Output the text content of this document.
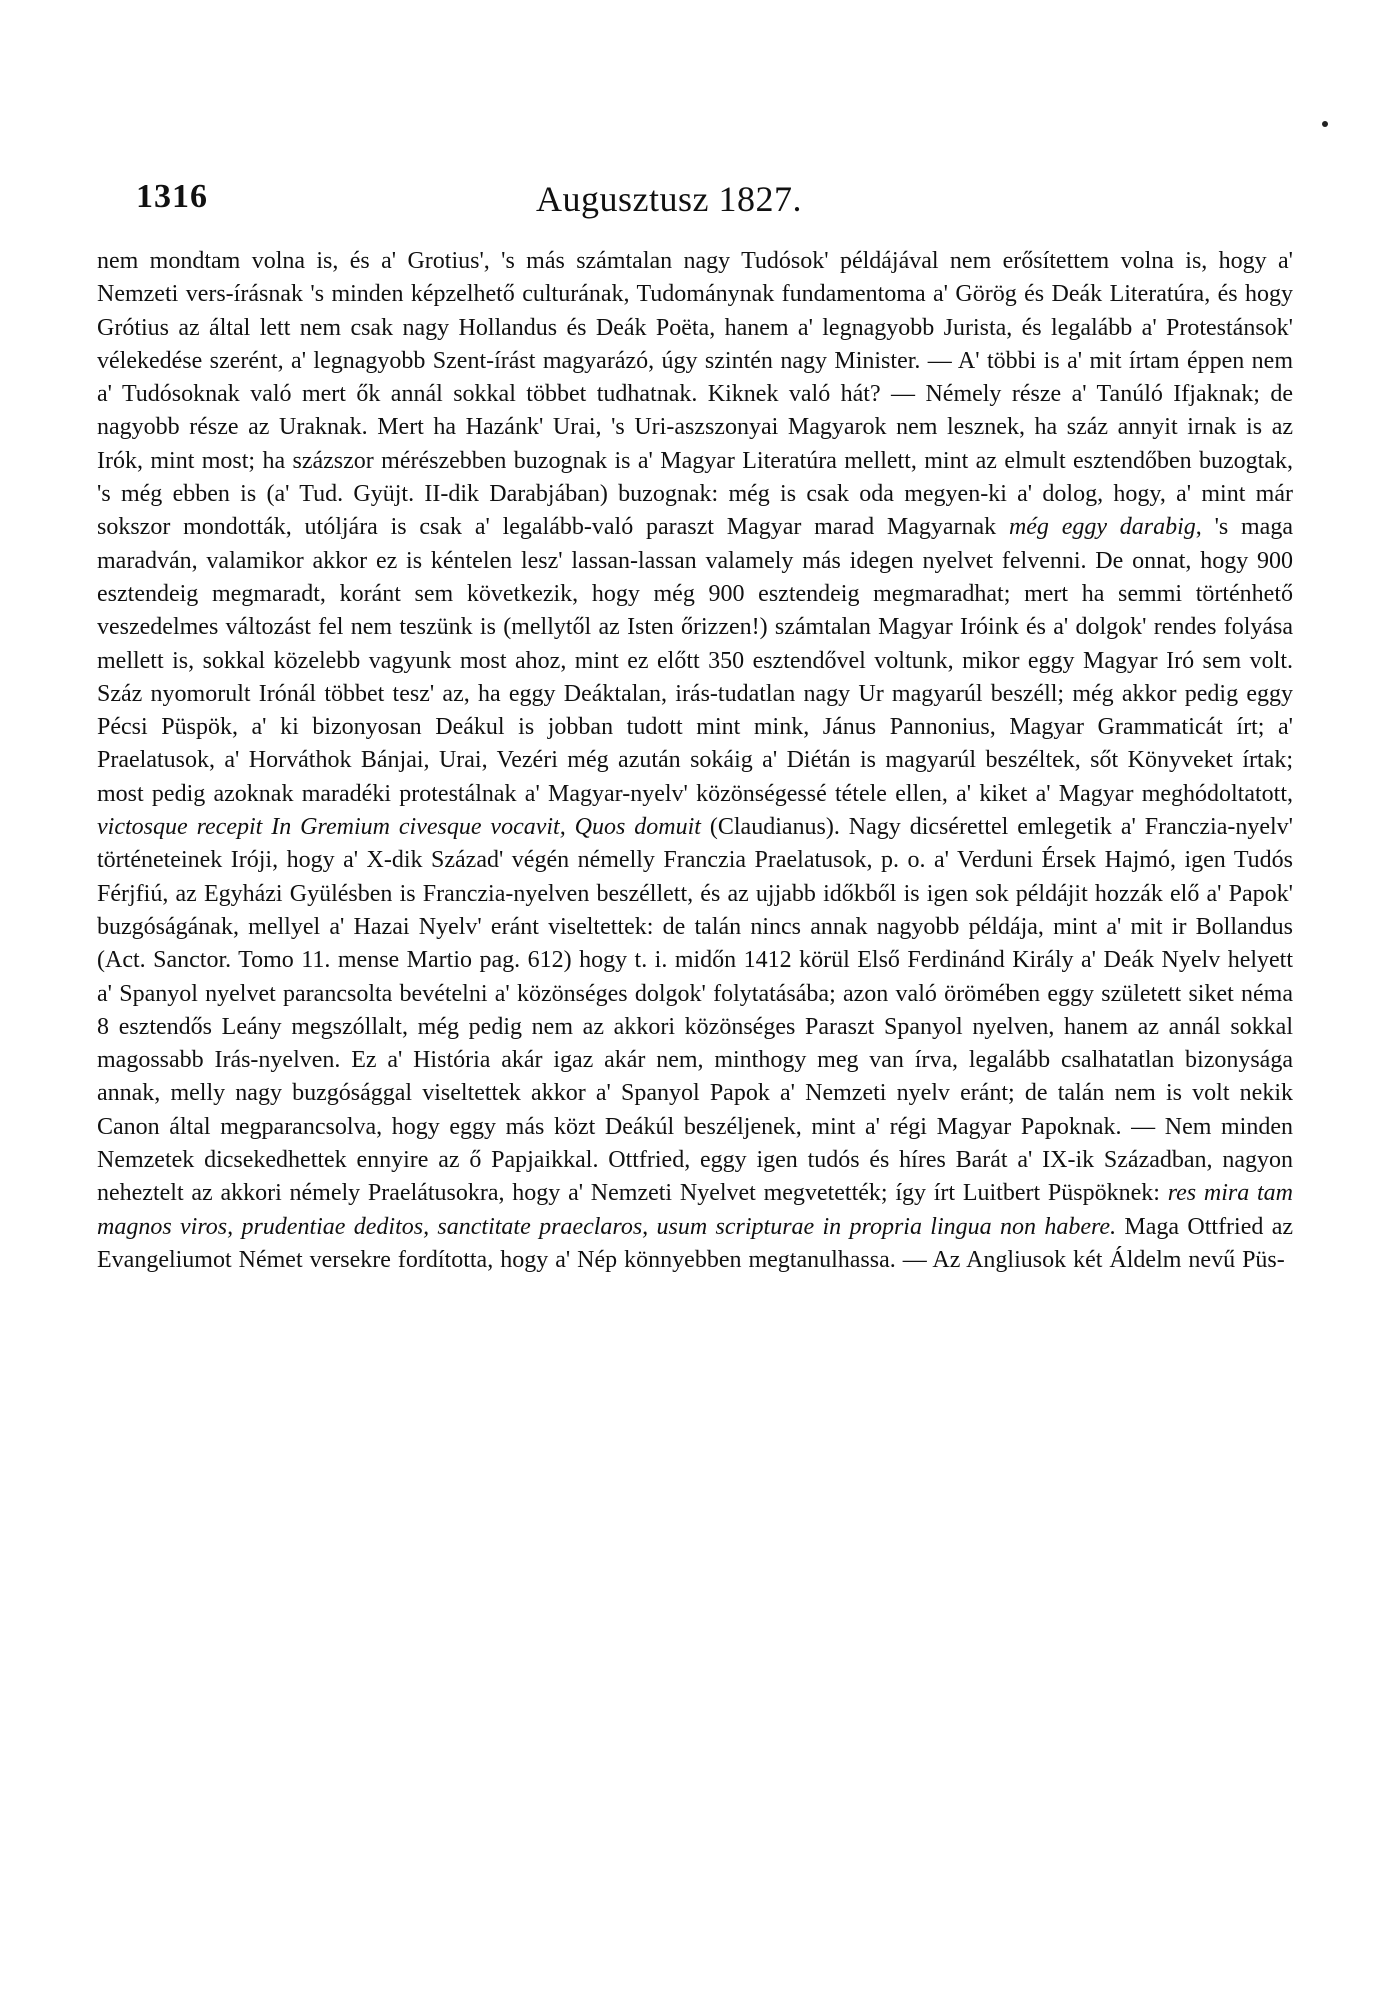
1316	Augusztusz 1827.
nem mondtam volna is, és a' Grotius', 's más számtalan nagy Tudósok' példájával nem erősítettem volna is, hogy a' Nemzeti vers-írásnak 's minden képzelhető culturának, Tudománynak fundamentoma a' Görög és Deák Literatúra, és hogy Grótius az által lett nem csak nagy Hollandus és Deák Poëta, hanem a' legnagyobb Jurista, és legalább a' Protestánsok' vélekedése szerént, a' legnagyobb Szent-írást magyarázó, úgy szintén nagy Minister. — A' többi is a' mit írtam éppen nem a' Tudósoknak való mert ők annál sokkal többet tudhatnak. Kiknek való hát? — Némely része a' Tanúló Ifjaknak; de nagyobb része az Uraknak. Mert ha Hazánk' Urai, 's Uri-aszszonyai Magyarok nem lesznek, ha száz annyit irnak is az Irók, mint most; ha százszor mérészebben buzognak is a' Magyar Literatúra mellett, mint az elmult esztendőben buzogtak, 's még ebben is (a' Tud. Gyüjt. II-dik Darabjában) buzognak: még is csak oda megyen-ki a' dolog, hogy, a' mint már sokszor mondották, utóljára is csak a' legalább-való paraszt Magyar marad Magyarnak még eggy darabig, 's maga maradván, valamikor akkor ez is kéntelen lesz' lassan-lassan valamely más idegen nyelvet felvenni. De onnat, hogy 900 esztendeig megmaradt, koránt sem következik, hogy még 900 esztendeig megmaradhat; mert ha semmi történhető veszedelmes változást fel nem teszünk is (mellytől az Isten őrizzen!) számtalan Magyar Iróink és a' dolgok' rendes folyása mellett is, sokkal közelebb vagyunk most ahoz, mint ez előtt 350 esztendővel voltunk, mikor eggy Magyar Iró sem volt. Száz nyomorult Irónál többet tesz' az, ha eggy Deáktalan, irás-tudatlan nagy Ur magyarúl beszéll; még akkor pedig eggy Pécsi Püspök, a' ki bizonyosan Deákul is jobban tudott mint mink, Jánus Pannonius, Magyar Grammaticát írt; a' Praelatusok, a' Horváthok Bánjai, Urai, Vezéri még azután sokáig a' Diétán is magyarúl beszéltek, sőt Könyveket írtak; most pedig azoknak maradéki protestálnak a' Magyar-nyelv' közönségessé tétele ellen, a' kiket a' Magyar meghódoltatott, victosque recepit In Gremium civesque vocavit, Quos domuit (Claudianus). Nagy dicsérettel emlegetik a' Franczia-nyelv' történeteinek Iróji, hogy a' X-dik Század' végén némelly Franczia Praelatusok, p. o. a' Verduni Érsek Hajmó, igen Tudós Férjfiú, az Egyházi Gyülésben is Franczia-nyelven beszéllett, és az ujjabb időkből is igen sok példájit hozzák elő a' Papok' buzgóságának, mellyel a' Hazai Nyelv' eránt viseltettek: de talán nincs annak nagyobb példája, mint a' mit ir Bollandus (Act. Sanctor. Tomo 11. mense Martio pag. 612) hogy t. i. midőn 1412 körül Első Ferdinánd Király a' Deák Nyelv helyett a' Spanyol nyelvet parancsolta bevételni a' közönséges dolgok' folytatásába; azon való örömében eggy született siket néma 8 esztendős Leány megszóllalt, még pedig nem az akkori közönséges Paraszt Spanyol nyelven, hanem az annál sokkal magossabb Irás-nyelven. Ez a' História akár igaz akár nem, minthogy meg van írva, legalább csalhatatlan bizonysága annak, melly nagy buzgósággal viseltettek akkor a' Spanyol Papok a' Nemzeti nyelv eránt; de talán nem is volt nekik Canon által megparancsolva, hogy eggy más közt Deákúl beszéljenek, mint a' régi Magyar Papoknak. — Nem minden Nemzetek dicsekedhettek ennyire az ő Papjaikkal. Ottfried, eggy igen tudós és híres Barát a' IX-ik Században, nagyon neheztelt az akkori némely Praelátusokra, hogy a' Nemzeti Nyelvet megvetették; így írt Luitbert Püspöknek: res mira tam magnos viros, prudentiae deditos, sanctitate praeclaros, usum scripturae in propria lingua non habere. Maga Ottfried az Evangeliumot Német versekre fordította, hogy a' Nép könnyebben megtanulhassa. — Az Angliusok két Áldelm nevű Püs-
